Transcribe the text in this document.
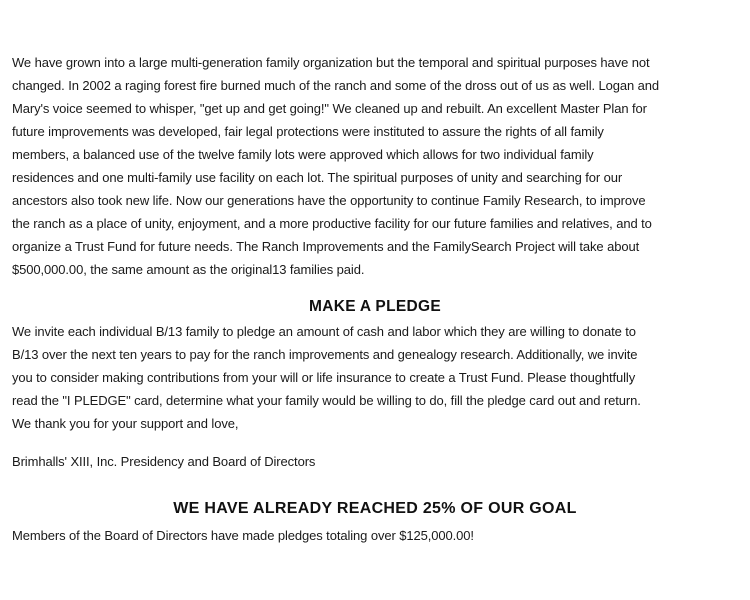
We have grown into a large multi-generation family organization but the temporal and spiritual purposes have not
changed. In 2002 a raging forest fire burned much of the ranch and some of the dross out of us as well. Logan and
Mary's voice seemed to whisper, "get up and get going!" We cleaned up and rebuilt. An excellent Master Plan for
future improvements was developed, fair legal protections were instituted to assure the rights of all family
members, a balanced use of the twelve family lots were approved which allows for two individual family
residences and one multi-family use facility on each lot. The spiritual purposes of unity and searching for our
ancestors also took new life. Now our generations have the opportunity to continue Family Research, to improve
the ranch as a place of unity, enjoyment, and a more productive facility for our future families and relatives, and to
organize a Trust Fund for future needs. The Ranch Improvements and the FamilySearch Project will take about
$500,000.00, the same amount as the original13 families paid.
MAKE A PLEDGE
We invite each individual B/13 family to pledge an amount of cash and labor which they are willing to donate to
B/13 over the next ten years to pay for the ranch improvements and genealogy research. Additionally, we invite
you to consider making contributions from your will or life insurance to create a Trust Fund. Please thoughtfully
read the "I PLEDGE" card, determine what your family would be willing to do, fill the pledge card out and return.
We thank you for your support and love,
Brimhalls' XIII, Inc. Presidency and Board of Directors
WE HAVE ALREADY REACHED 25% OF OUR GOAL
Members of the Board of Directors have made pledges totaling over $125,000.00!
